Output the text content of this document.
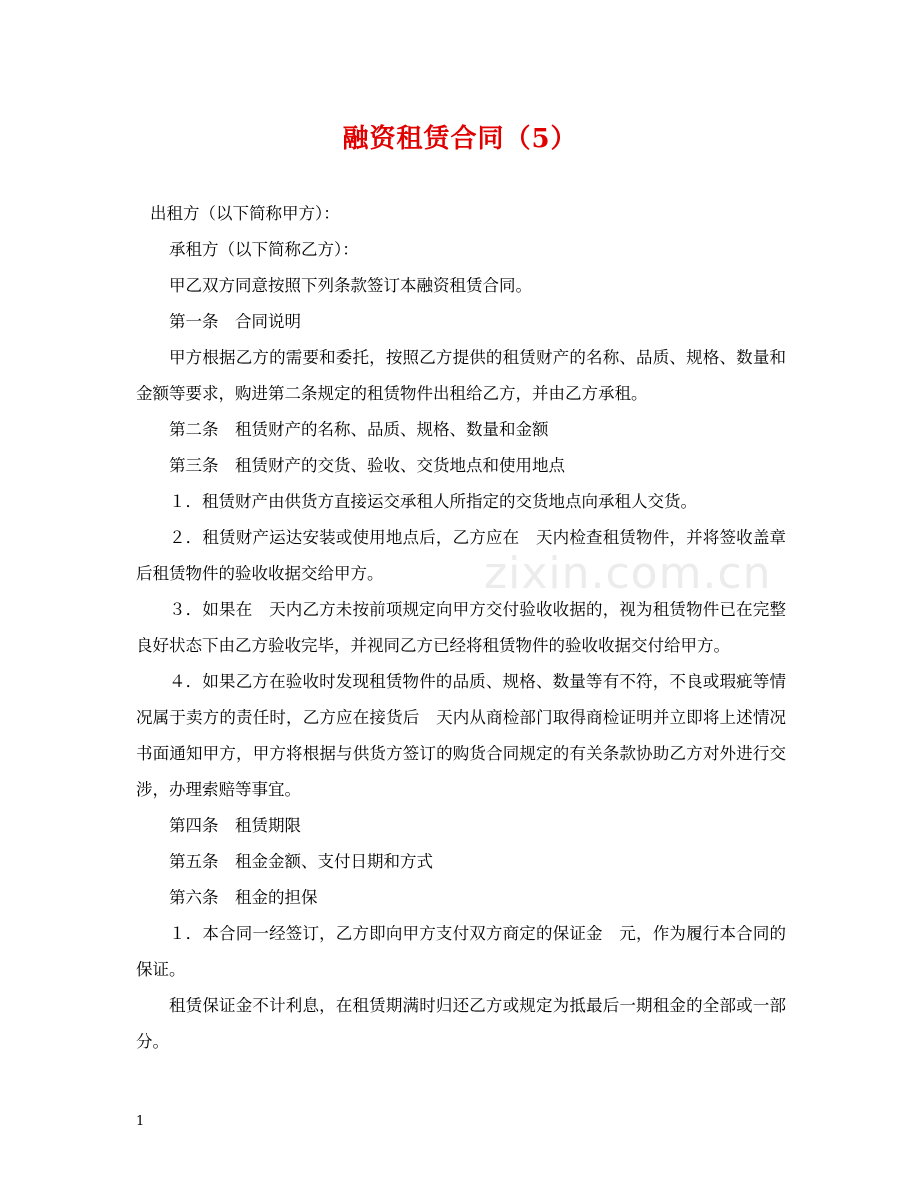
融资租赁合同（5）

出租方（以下简称甲方）：

承租方（以下简称乙方）：

甲乙双方同意按照下列条款签订本融资租赁合同。

第一条　合同说明

甲方根据乙方的需要和委托，按照乙方提供的租赁财产的名称、品质、规格、数量和金额等要求，购进第二条规定的租赁物件出租给乙方，并由乙方承租。

第二条　租赁财产的名称、品质、规格、数量和金额

第三条　租赁财产的交货、验收、交货地点和使用地点

１．租赁财产由供货方直接运交承租人所指定的交货地点向承租人交货。

２．租赁财产运达安装或使用地点后，乙方应在　天内检查租赁物件，并将签收盖章后租赁物件的验收收据交给甲方。

３．如果在　天内乙方未按前项规定向甲方交付验收收据的，视为租赁物件已在完整良好状态下由乙方验收完毕，并视同乙方已经将租赁物件的验收收据交付给甲方。

４．如果乙方在验收时发现租赁物件的品质、规格、数量等有不符，不良或瑕疵等情况属于卖方的责任时，乙方应在接货后　天内从商检部门取得商检证明并立即将上述情况书面通知甲方，甲方将根据与供货方签订的购货合同规定的有关条款协助乙方对外进行交涉，办理索赔等事宜。

第四条　租赁期限

第五条　租金金额、支付日期和方式

第六条　租金的担保

１．本合同一经签订，乙方即向甲方支付双方商定的保证金　元，作为履行本合同的保证。

租赁保证金不计利息，在租赁期满时归还乙方或规定为抵最后一期租金的全部或一部分。

zixin.com.cn
1
